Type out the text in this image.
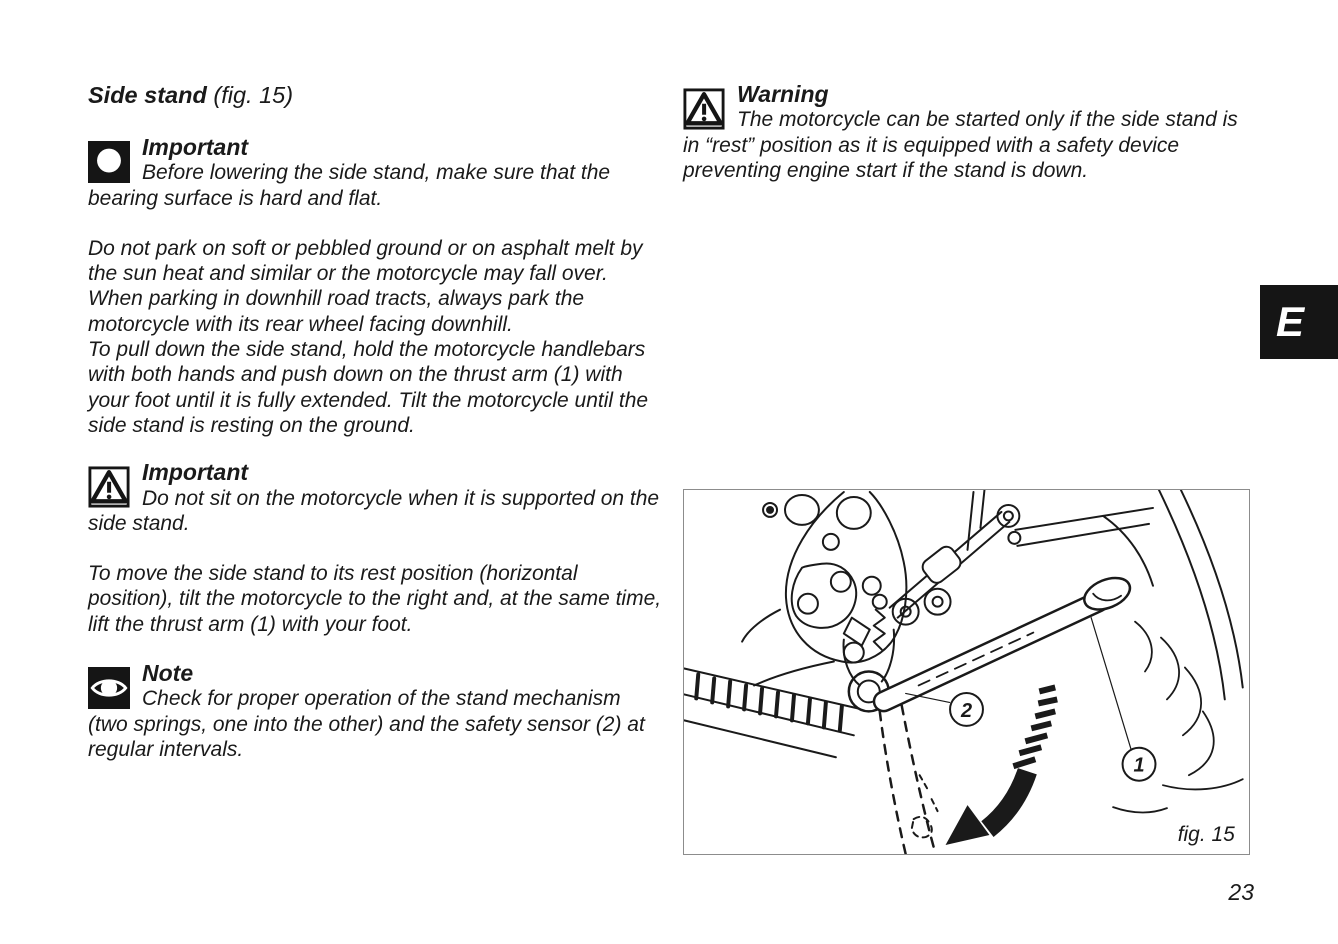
Side stand (fig. 15)
Important

Before lowering the side stand, make sure that the bearing surface is hard and flat.

Do not park on soft or pebbled ground or on asphalt melt by the sun heat and similar or the motorcycle may fall over.

When parking in downhill road tracts, always park the motorcycle with its rear wheel facing downhill.

To pull down the side stand, hold the motorcycle handlebars with both hands and push down on the thrust arm (1) with your foot until it is fully extended. Tilt the motorcycle until the side stand is resting on the ground.

Important

Do not sit on the motorcycle when it is supported on the side stand.

To move the side stand to its rest position (horizontal position), tilt the motorcycle to the right and, at the same time, lift the thrust arm (1) with your foot.

Note

Check for proper operation of the stand mechanism (two springs, one into the other) and the safety sensor (2) at regular intervals.

Warning

The motorcycle can be started only if the side stand is in “rest” position as it is equipped with a safety device preventing engine start if the stand is down.

E
2
1
fig. 15
23
